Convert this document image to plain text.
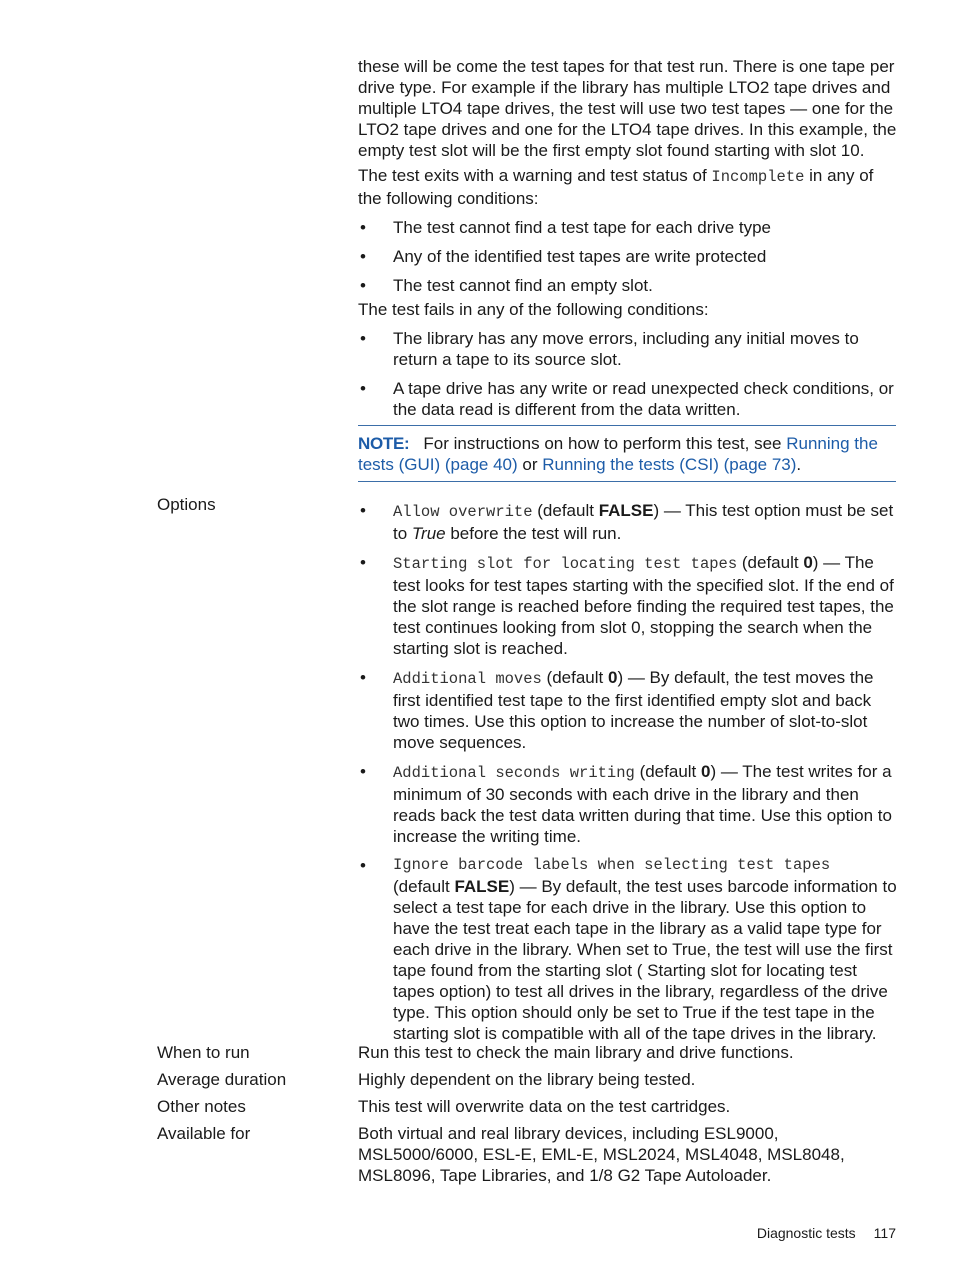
these will be come the test tapes for that test run. There is one tape per drive type. For example if the library has multiple LTO2 tape drives and multiple LTO4 tape drives, the test will use two test tapes — one for the LTO2 tape drives and one for the LTO4 tape drives. In this example, the empty test slot will be the first empty slot found starting with slot 10.

The test exits with a warning and test status of Incomplete in any of the following conditions:

• The test cannot find a test tape for each drive type
• Any of the identified test tapes are write protected
• The test cannot find an empty slot.

The test fails in any of the following conditions:

• The library has any move errors, including any initial moves to return a tape to its source slot.
• A tape drive has any write or read unexpected check conditions, or the data read is different from the data written.

NOTE: For instructions on how to perform this test, see Running the tests (GUI) (page 40) or Running the tests (CSI) (page 73).

Options
•	Allow overwrite (default FALSE) — This test option must be set to True before the test will run.
• Starting slot for locating test tapes (default 0) — The test looks for test tapes starting with the specified slot. If the end of the slot range is reached before finding the required test tapes, the test continues looking from slot 0, stopping the search when the starting slot is reached.
• Additional moves (default 0) — By default, the test moves the first identified test tape to the first identified empty slot and back two times. Use this option to increase the number of slot-to-slot move sequences.
• Additional seconds writing (default 0) — The test writes for a minimum of 30 seconds with each drive in the library and then reads back the test data written during that time. Use this option to increase the writing time.
• Ignore barcode labels when selecting test tapes
(default FALSE) — By default, the test uses barcode information to select a test tape for each drive in the library. Use this option to have the test treat each tape in the library as a valid tape type for each drive in the library. When set to True, the test will use the first tape found from the starting slot ( Starting slot for locating test tapes option) to test all drives in the library, regardless of the drive type. This option should only be set to True if the test tape in the starting slot is compatible with all of the tape drives in the library.
When to run	Run this test to check the main library and drive functions.
Average duration	Highly dependent on the library being tested.
Other notes	This test will overwrite data on the test cartridges.
Available for	Both virtual and real library devices, including ESL9000, MSL5000/6000, ESL-E, EML-E, MSL2024, MSL4048, MSL8048, MSL8096, Tape Libraries, and 1/8 G2 Tape Autoloader.
Diagnostic tests 117
